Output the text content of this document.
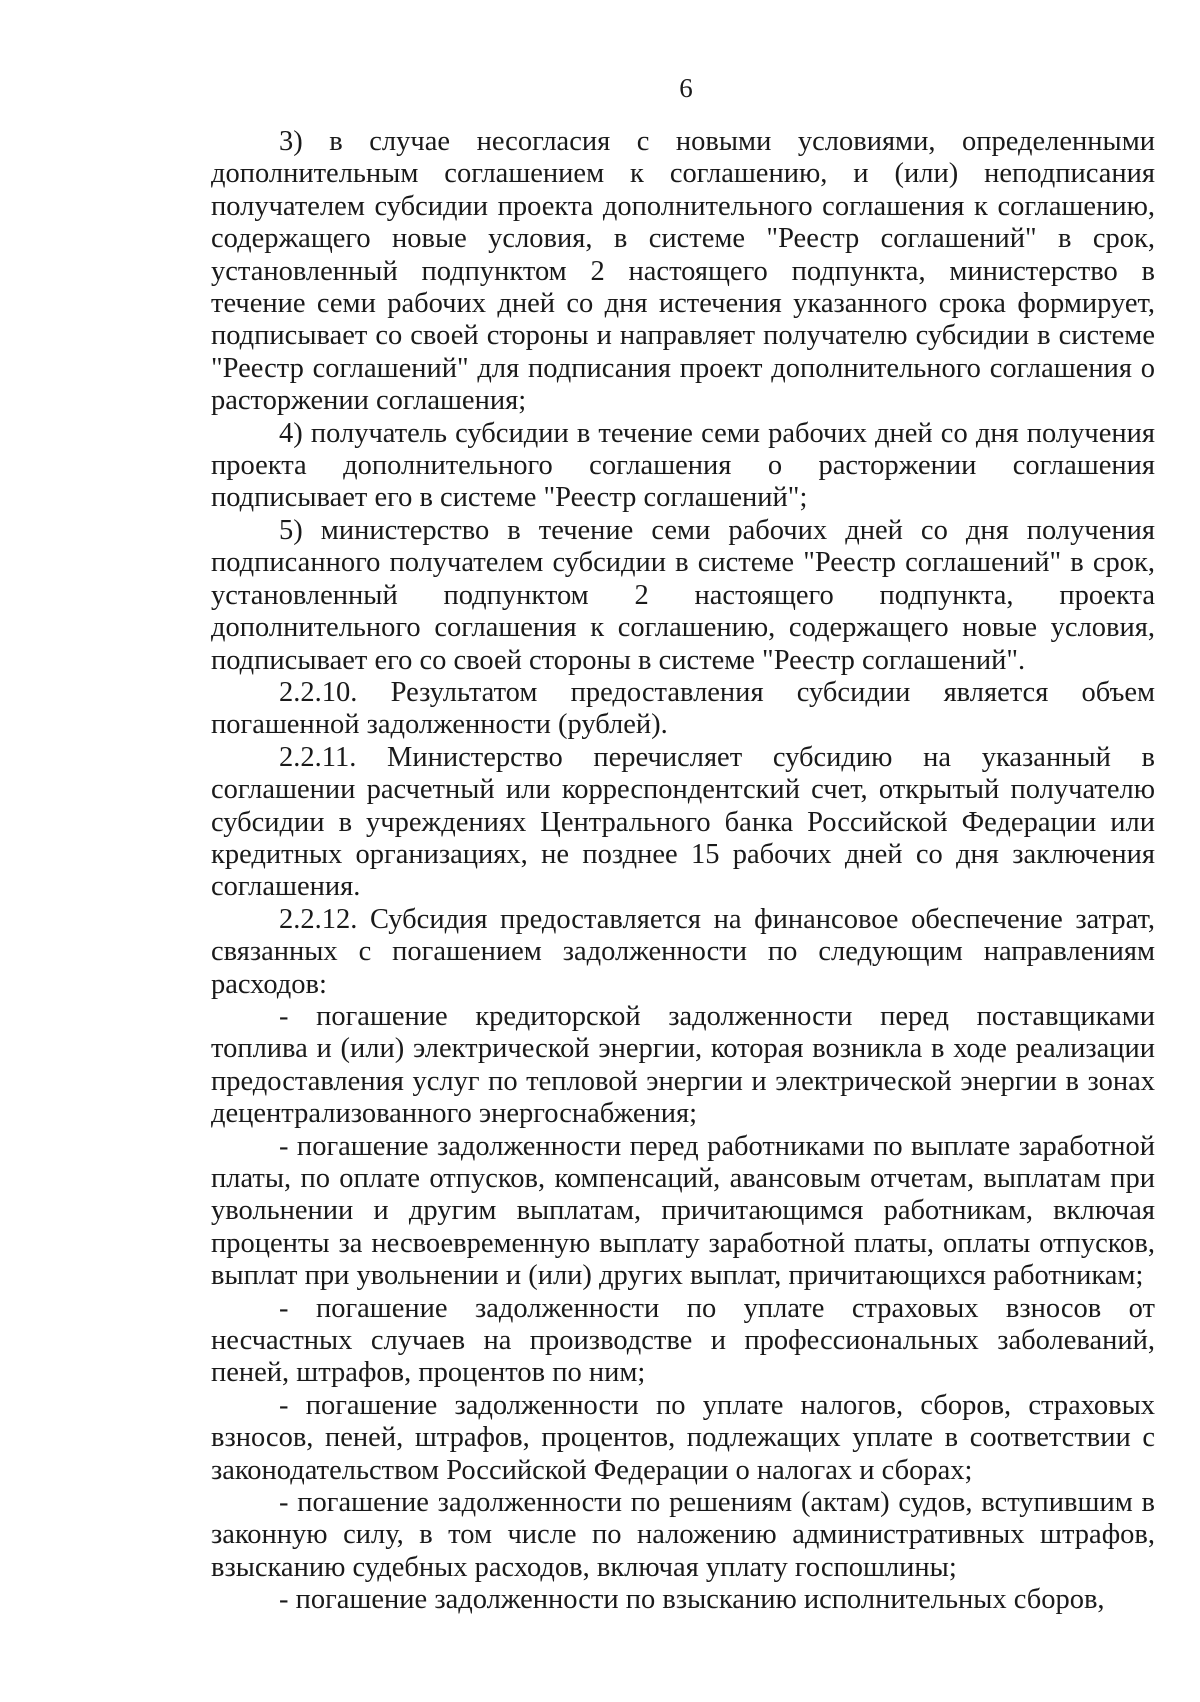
6

3) в случае несогласия с новыми условиями, определенными дополнительным соглашением к соглашению, и (или) неподписания получателем субсидии проекта дополнительного соглашения к соглашению, содержащего новые условия, в системе "Реестр соглашений" в срок, установленный подпунктом 2 настоящего подпункта, министерство в течение семи рабочих дней со дня истечения указанного срока формирует, подписывает со своей стороны и направляет получателю субсидии в системе "Реестр соглашений" для подписания проект дополнительного соглашения о расторжении соглашения;

4) получатель субсидии в течение семи рабочих дней со дня получения проекта дополнительного соглашения о расторжении соглашения подписывает его в системе "Реестр соглашений";

5) министерство в течение семи рабочих дней со дня получения подписанного получателем субсидии в системе "Реестр соглашений" в срок, установленный подпунктом 2 настоящего подпункта, проекта дополнительного соглашения к соглашению, содержащего новые условия, подписывает его со своей стороны в системе "Реестр соглашений".

2.2.10. Результатом предоставления субсидии является объем погашенной задолженности (рублей).

2.2.11. Министерство перечисляет субсидию на указанный в соглашении расчетный или корреспондентский счет, открытый получателю субсидии в учреждениях Центрального банка Российской Федерации или кредитных организациях, не позднее 15 рабочих дней со дня заключения соглашения.

2.2.12. Субсидия предоставляется на финансовое обеспечение затрат, связанных с погашением задолженности по следующим направлениям расходов:

- погашение кредиторской задолженности перед поставщиками топлива и (или) электрической энергии, которая возникла в ходе реализации предоставления услуг по тепловой энергии и электрической энергии в зонах децентрализованного энергоснабжения;

- погашение задолженности перед работниками по выплате заработной платы, по оплате отпусков, компенсаций, авансовым отчетам, выплатам при увольнении и другим выплатам, причитающимся работникам, включая проценты за несвоевременную выплату заработной платы, оплаты отпусков, выплат при увольнении и (или) других выплат, причитающихся работникам;

- погашение задолженности по уплате страховых взносов от несчастных случаев на производстве и профессиональных заболеваний, пеней, штрафов, процентов по ним;

- погашение задолженности по уплате налогов, сборов, страховых взносов, пеней, штрафов, процентов, подлежащих уплате в соответствии с законодательством Российской Федерации о налогах и сборах;

- погашение задолженности по решениям (актам) судов, вступившим в законную силу, в том числе по наложению административных штрафов, взысканию судебных расходов, включая уплату госпошлины;

- погашение задолженности по взысканию исполнительных сборов,
